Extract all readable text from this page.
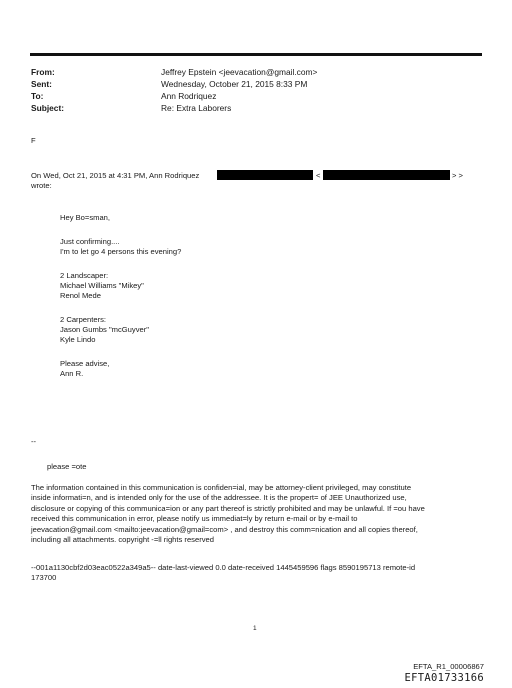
From:	Jeffrey Epstein <jeevacation@gmail.com>
Sent:	Wednesday, October 21, 2015 8:33 PM
To:	Ann Rodriquez
Subject:	Re: Extra Laborers
F
On Wed, Oct 21, 2015 at 4:31 PM, Ann Rodriquez	<	> >
wrote:
Hey Bo=sman,
Just confirming....
I'm to let go 4 persons this evening?
2 Landscaper:
Michael Williams "Mikey"
Renol Mede
2 Carpenters:
Jason Gumbs "mcGuyver"
Kyle Lindo
Please advise,
Ann R.
--
please =ote
The information contained in this communication is confiden=ial, may be attorney-client privileged, may constitute
inside informati=n, and is intended only for the use of the addressee. It is the propert= of JEE Unauthorized use,
disclosure or copying of this communica=ion or any part thereof is strictly prohibited and may be unlawful. If =ou have
received this communication in error, please notify us immediat=ly by return e-mail or by e-mail to
jeevacation@gmail.com <mailto:jeevacation@gmail=com> , and destroy this comm=nication and all copies thereof,
including all attachments. copyright -=ll rights reserved
--001a1130cbf2d03eac0522a349a5-- date-last-viewed 0.0 date-received 1445459596 flags 8590195713 remote-id
173700
1
EFTA_R1_00006867
EFTA01733166
